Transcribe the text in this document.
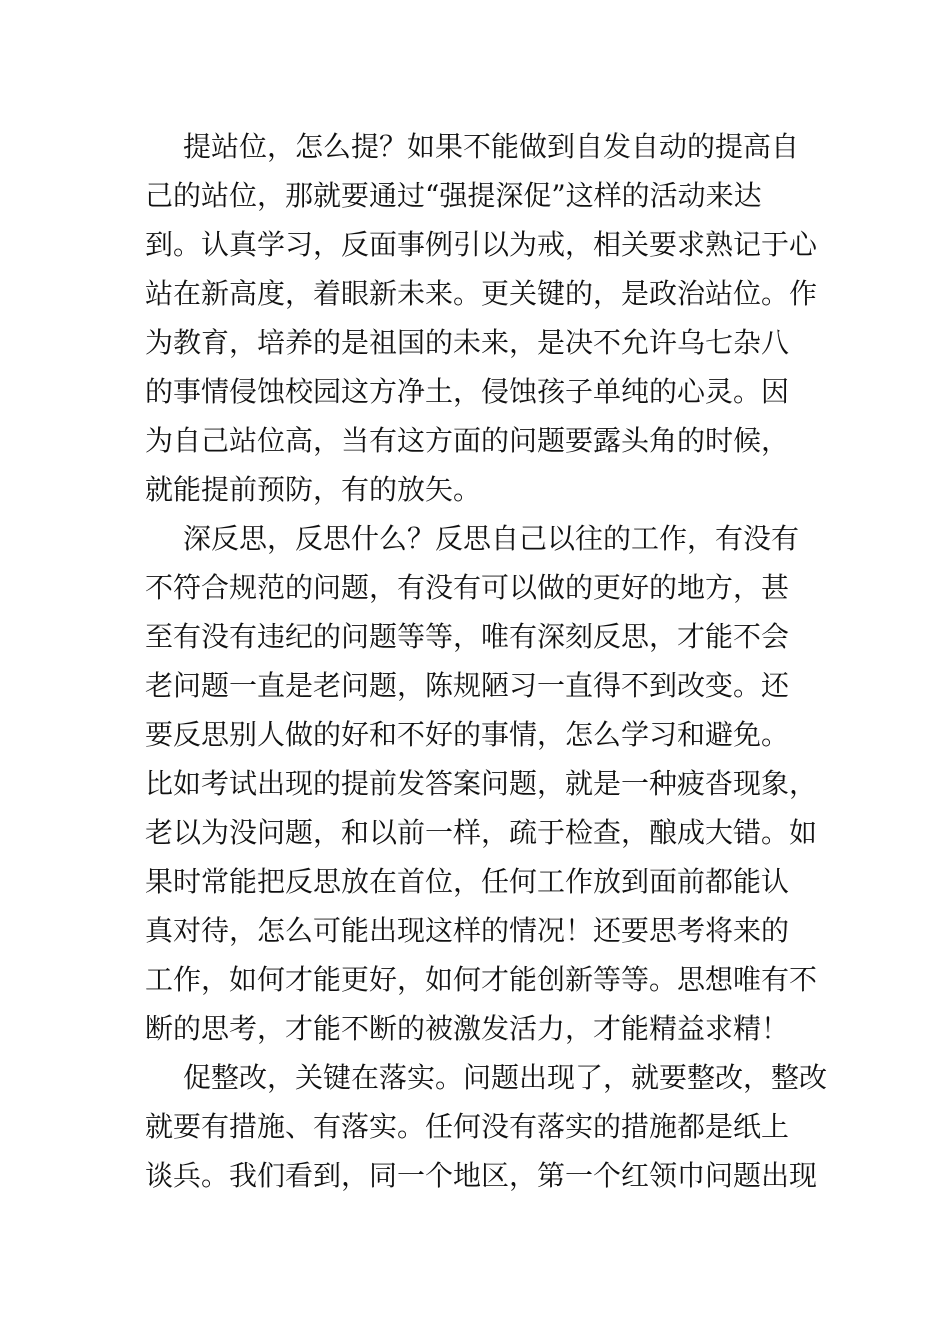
提站位，怎么提？如果不能做到自发自动的提高自
己的站位，那就要通过“强提深促”这样的活动来达
到。认真学习，反面事例引以为戒，相关要求熟记于心
站在新高度，着眼新未来。更关键的，是政治站位。作
为教育，培养的是祖国的未来，是决不允许乌七杂八
的事情侵蚀校园这方净土，侵蚀孩子单纯的心灵。因
为自己站位高，当有这方面的问题要露头角的时候，
就能提前预防，有的放矢。
深反思，反思什么？反思自己以往的工作，有没有
不符合规范的问题，有没有可以做的更好的地方，甚
至有没有违纪的问题等等，唯有深刻反思，才能不会
老问题一直是老问题，陈规陋习一直得不到改变。还
要反思别人做的好和不好的事情，怎么学习和避免。
比如考试出现的提前发答案问题，就是一种疲沓现象，
老以为没问题，和以前一样，疏于检查，酿成大错。如
果时常能把反思放在首位，任何工作放到面前都能认
真对待，怎么可能出现这样的情况！还要思考将来的
工作，如何才能更好，如何才能创新等等。思想唯有不
断的思考，才能不断的被激发活力，才能精益求精！
促整改，关键在落实。问题出现了，就要整改，整改
就要有措施、有落实。任何没有落实的措施都是纸上
谈兵。我们看到，同一个地区，第一个红领巾问题出现
